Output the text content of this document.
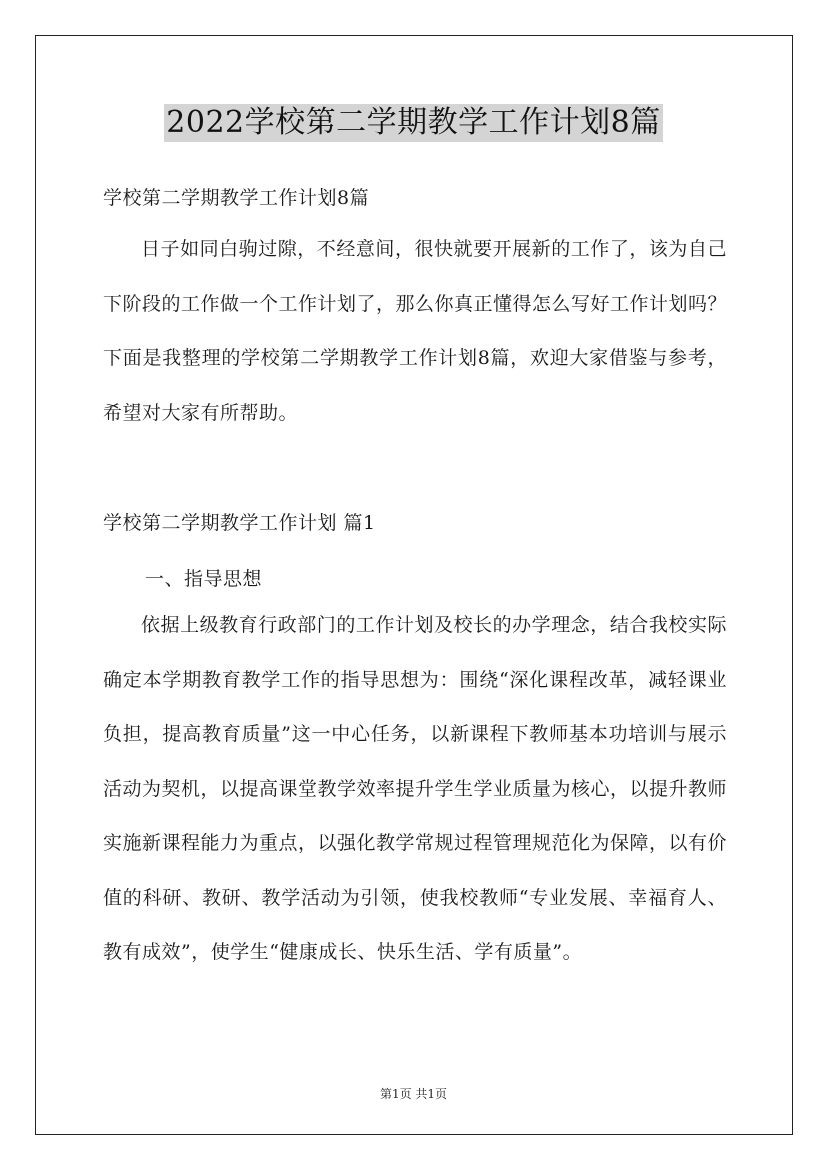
2022学校第二学期教学工作计划8篇
学校第二学期教学工作计划8篇
日子如同白驹过隙，不经意间，很快就要开展新的工作了，该为自己下阶段的工作做一个工作计划了，那么你真正懂得怎么写好工作计划吗？下面是我整理的学校第二学期教学工作计划8篇，欢迎大家借鉴与参考，希望对大家有所帮助。
学校第二学期教学工作计划 篇1
一、指导思想
依据上级教育行政部门的工作计划及校长的办学理念，结合我校实际确定本学期教育教学工作的指导思想为：围绕“深化课程改革，减轻课业负担，提高教育质量”这一中心任务，以新课程下教师基本功培训与展示活动为契机，以提高课堂教学效率提升学生学业质量为核心，以提升教师实施新课程能力为重点，以强化教学常规过程管理规范化为保障，以有价值的科研、教研、教学活动为引领，使我校教师“专业发展、幸福育人、教有成效”，使学生“健康成长、快乐生活、学有质量”。
第1页 共1页
